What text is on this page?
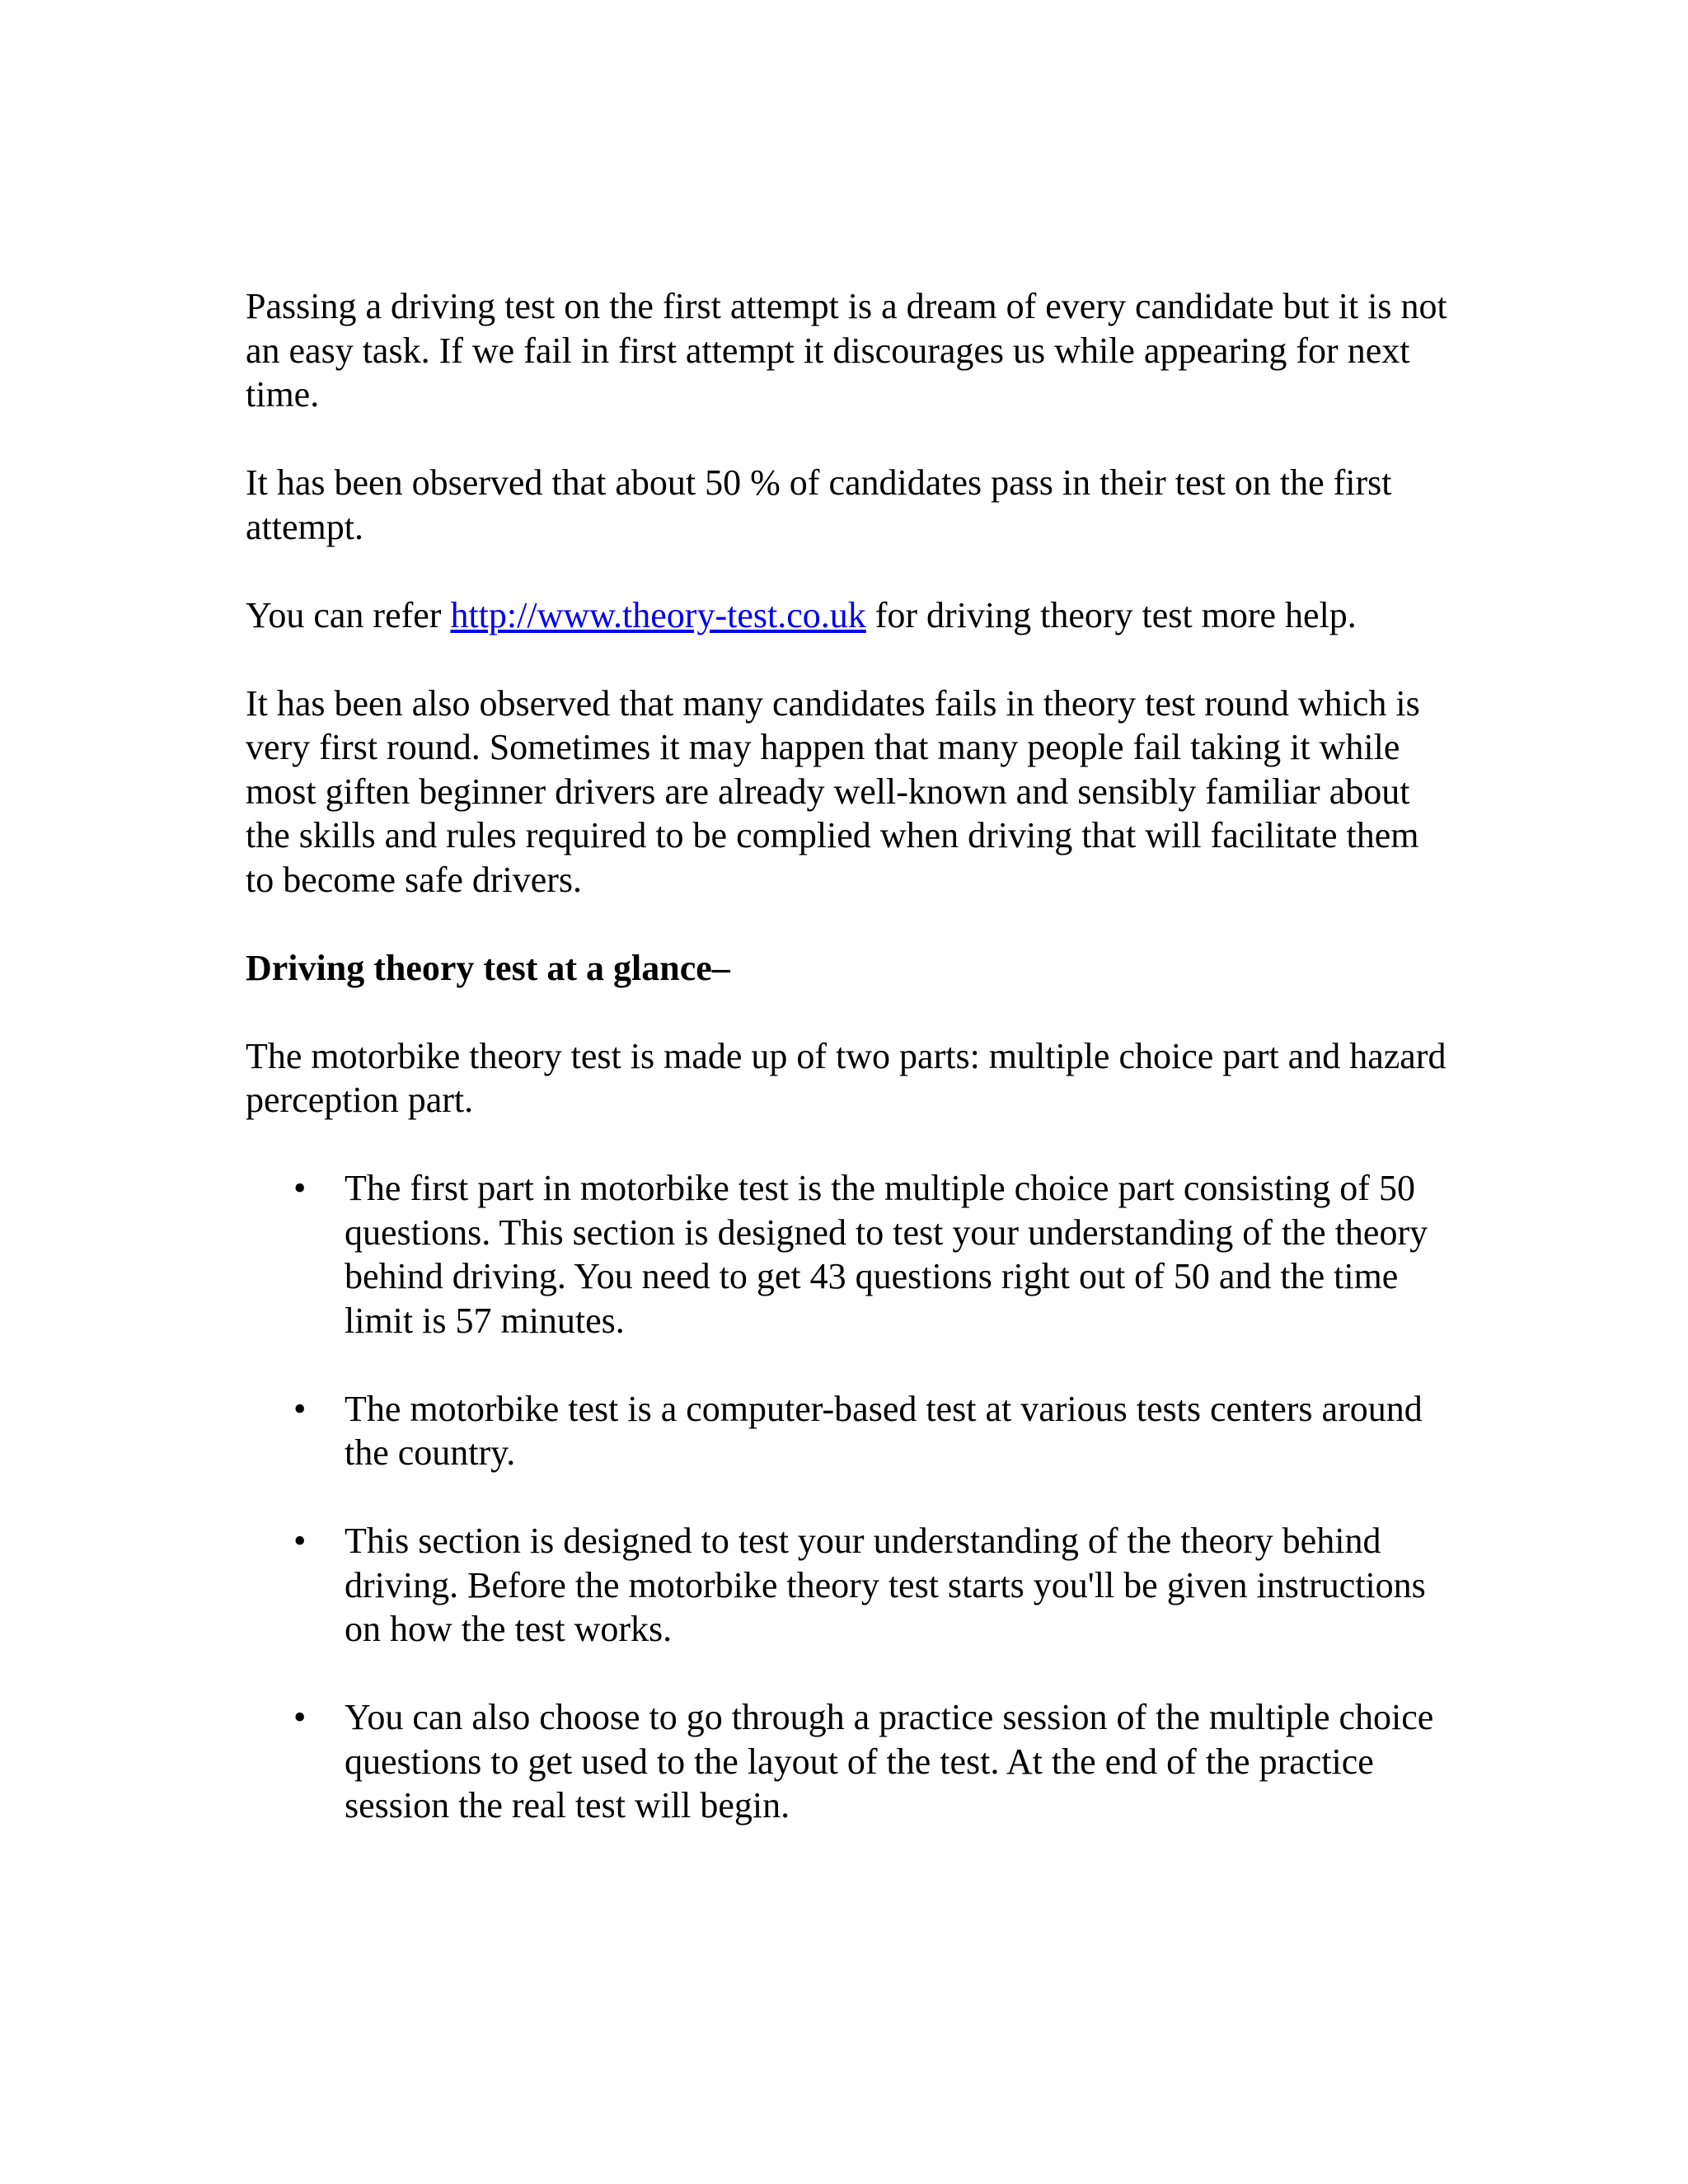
Passing a driving test on the first attempt is a dream of every candidate but it is not an easy task. If we fail in first attempt it discourages us while appearing for next time.

It has been observed that about 50 % of candidates pass in their test on the first attempt.

You can refer http://www.theory-test.co.uk for driving theory test more help.

It has been also observed that many candidates fails in theory test round which is very first round. Sometimes it may happen that many people fail taking it while most giften beginner drivers are already well-known and sensibly familiar about the skills and rules required to be complied when driving that will facilitate them to become safe drivers.

Driving theory test at a glance–

The motorbike theory test is made up of two parts: multiple choice part and hazard perception part.

• The first part in motorbike test is the multiple choice part consisting of 50 questions. This section is designed to test your understanding of the theory behind driving. You need to get 43 questions right out of 50 and the time limit is 57 minutes.
• The motorbike test is a computer-based test at various tests centers around the country.
• This section is designed to test your understanding of the theory behind driving. Before the motorbike theory test starts you'll be given instructions on how the test works.
• You can also choose to go through a practice session of the multiple choice questions to get used to the layout of the test. At the end of the practice session the real test will begin.
